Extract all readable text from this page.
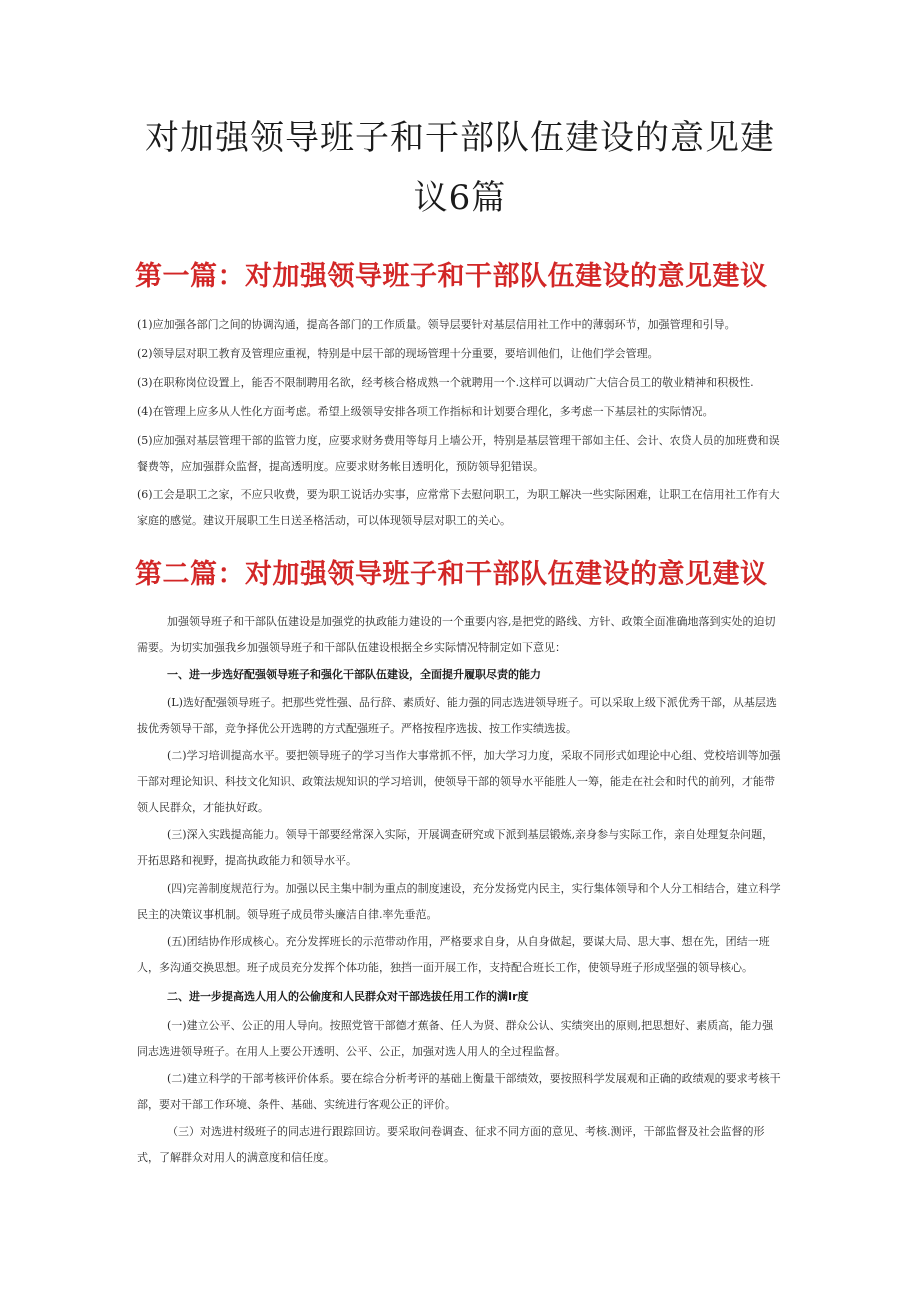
对加强领导班子和干部队伍建设的意见建
议6篇
第一篇：对加强领导班子和干部队伍建设的意见建议

(1)应加强各部门之间的协调沟通，提高各部门的工作质量。领导层要针对基层信用社工作中的薄弱环节，加强管理和引导。

(2)领导层对职工教育及管理应重视，特别是中层干部的现场管理十分重要，要培训他们，让他们学会管理。

(3)在职称岗位设置上，能否不限制聘用名欲，经考核合格成熟一个就聘用一个.这样可以调动广大信合员工的敬业精神和积极性.

(4)在管理上应多从人性化方面考虑。希望上级领导安排各项工作指标和计划要合理化，多考虑一下基层社的实际情况。

(5)应加强对基层管理干部的监管力度，应要求财务费用等每月上墙公开，特别是基层管理干部如主任、会计、农贷人员的加班费和误餐费等，应加强群众监督，提高透明度。应要求财务帐目透明化，预防领导犯错误。

(6)工会是职工之家，不应只收费，要为职工说话办实事，应常常下去慰问职工，为职工解决一些实际困难，让职工在信用社工作有大家庭的感觉。建议开展职工生日送圣格活动，可以体现领导层对职工的关心。

第二篇：对加强领导班子和干部队伍建设的意见建议

加强领导班子和干部队伍建设是加强党的执政能力建设的一个重要内容,是把党的路线、方针、政策全面准确地落到实处的迫切需要。为切实加强我乡加强领导班子和干部队伍建设根据全乡实际情况特制定如下意见：

一、进一步选好配强领导班子和强化干部队伍建设，全面提升履职尽责的能力

(L)选好配强领导班子。把那些党性强、品行辞、素质好、能力强的同志选进领导班子。可以采取上级下派优秀干部，从基层选拔优秀领导干部，竞争择优公开选聘的方式配强班子。严格按程序选拔、按工作实绩选拔。

(二)学习培训提高水平。要把领导班子的学习当作大事常抓不怦，加大学习力度，采取不同形式如理论中心组、党校培训等加强干部对理论知识、科技文化知识、政策法规知识的学习培训，使领导干部的领导水平能胜人一筹，能走在社会和时代的前列，才能带领人民群众，才能执好政。

(三)深入实践提高能力。领导干部要经常深入实际，开展调查研究或下派到基层锻炼,亲身参与实际工作，亲自处理复杂问题，开拓思路和视野，提高执政能力和领导水平。

(四)完善制度规范行为。加强以民主集中制为重点的制度速设，充分发扬党内民主，实行集体领导和个人分工相结合，建立科学民主的决策议事机制。领导班子成员带头廉洁自律.率先垂范。

(五)团结协作形成核心。充分发挥班长的示范带动作用，严格要求自身，从自身做起，要谋大局、思大事、想在先，团结一班人，多沟通交换思想。班子成员充分发挥个体功能，独挡一面开展工作，支持配合班长工作，使领导班子形成坚强的领导核心。

二、进一步提高选人用人的公偷度和人民群众对干部选拔任用工作的满Ir度

(一)建立公平、公正的用人导向。按照党管干部德才蕉备、任人为贤、群众公认、实绩突出的原则,把思想好、素质高，能力强同志选进领导班子。在用人上要公开透明、公平、公正，加强对选人用人的全过程监督。

(二)建立科学的干部考核评价体系。要在综合分析考评的基础上衡量干部绩效，要按照科学发展观和正确的政绩观的要求考核干部，要对干部工作环境、条件、基础、实统进行客观公正的评价。

（三）对选进村级班子的同志进行跟踪回访。要采取问卷调查、征求不同方面的意见、考核.测评，干部监督及社会监督的形式，了解群众对用人的满意度和信任度。
